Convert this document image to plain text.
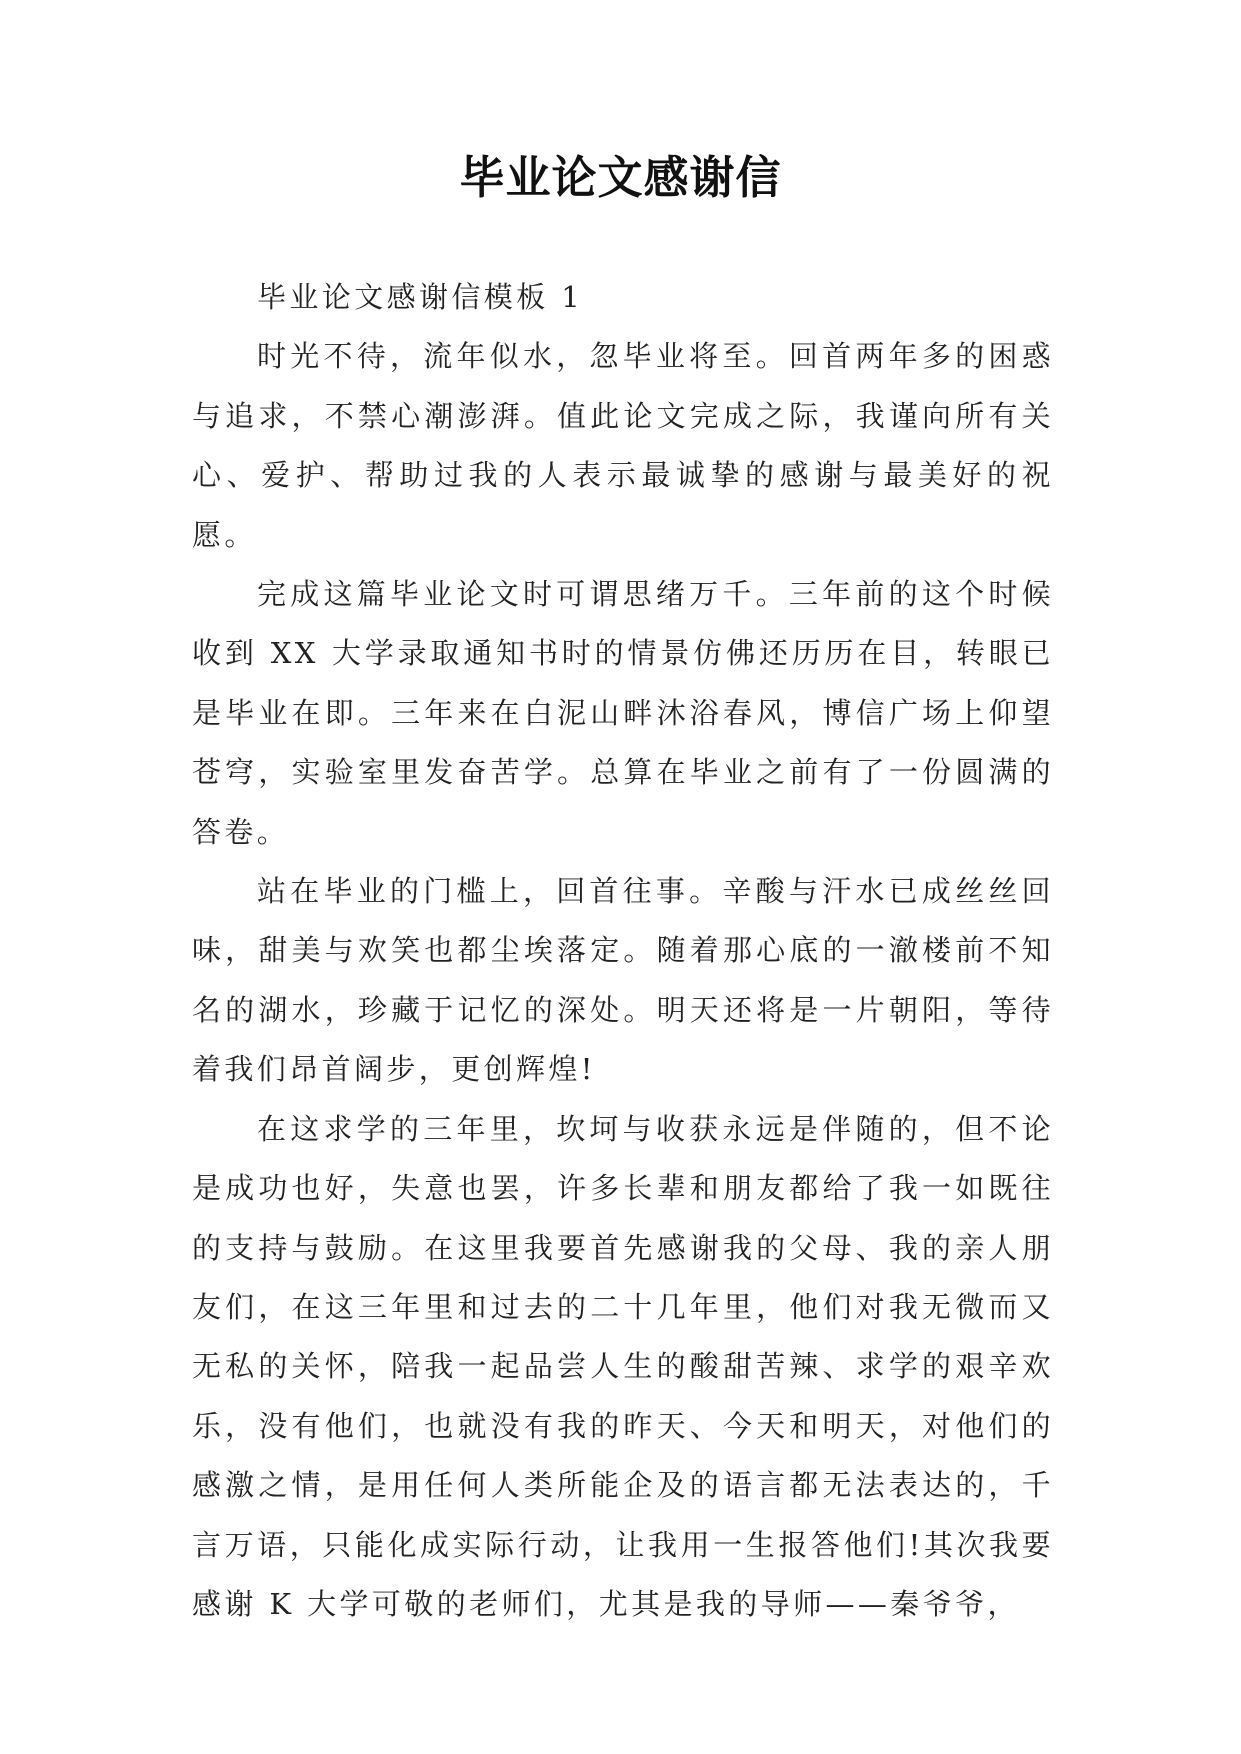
毕业论文感谢信

毕业论文感谢信模板 1

时光不待，流年似水，忽毕业将至。回首两年多的困惑与追求，不禁心潮澎湃。值此论文完成之际，我谨向所有关心、爱护、帮助过我的人表示最诚挚的感谢与最美好的祝愿。

完成这篇毕业论文时可谓思绪万千。三年前的这个时候收到 XX 大学录取通知书时的情景仿佛还历历在目，转眼已是毕业在即。三年来在白泥山畔沐浴春风，博信广场上仰望苍穹，实验室里发奋苦学。总算在毕业之前有了一份圆满的答卷。

站在毕业的门槛上，回首往事。辛酸与汗水已成丝丝回味，甜美与欢笑也都尘埃落定。随着那心底的一澈楼前不知名的湖水，珍藏于记忆的深处。明天还将是一片朝阳，等待着我们昂首阔步，更创辉煌!

在这求学的三年里，坎坷与收获永远是伴随的，但不论是成功也好，失意也罢，许多长辈和朋友都给了我一如既往的支持与鼓励。在这里我要首先感谢我的父母、我的亲人朋友们，在这三年里和过去的二十几年里，他们对我无微而又无私的关怀，陪我一起品尝人生的酸甜苦辣、求学的艰辛欢乐，没有他们，也就没有我的昨天、今天和明天，对他们的感激之情，是用任何人类所能企及的语言都无法表达的，千言万语，只能化成实际行动，让我用一生报答他们!其次我要感谢 K 大学可敬的老师们，尤其是我的导师——秦爷爷，
